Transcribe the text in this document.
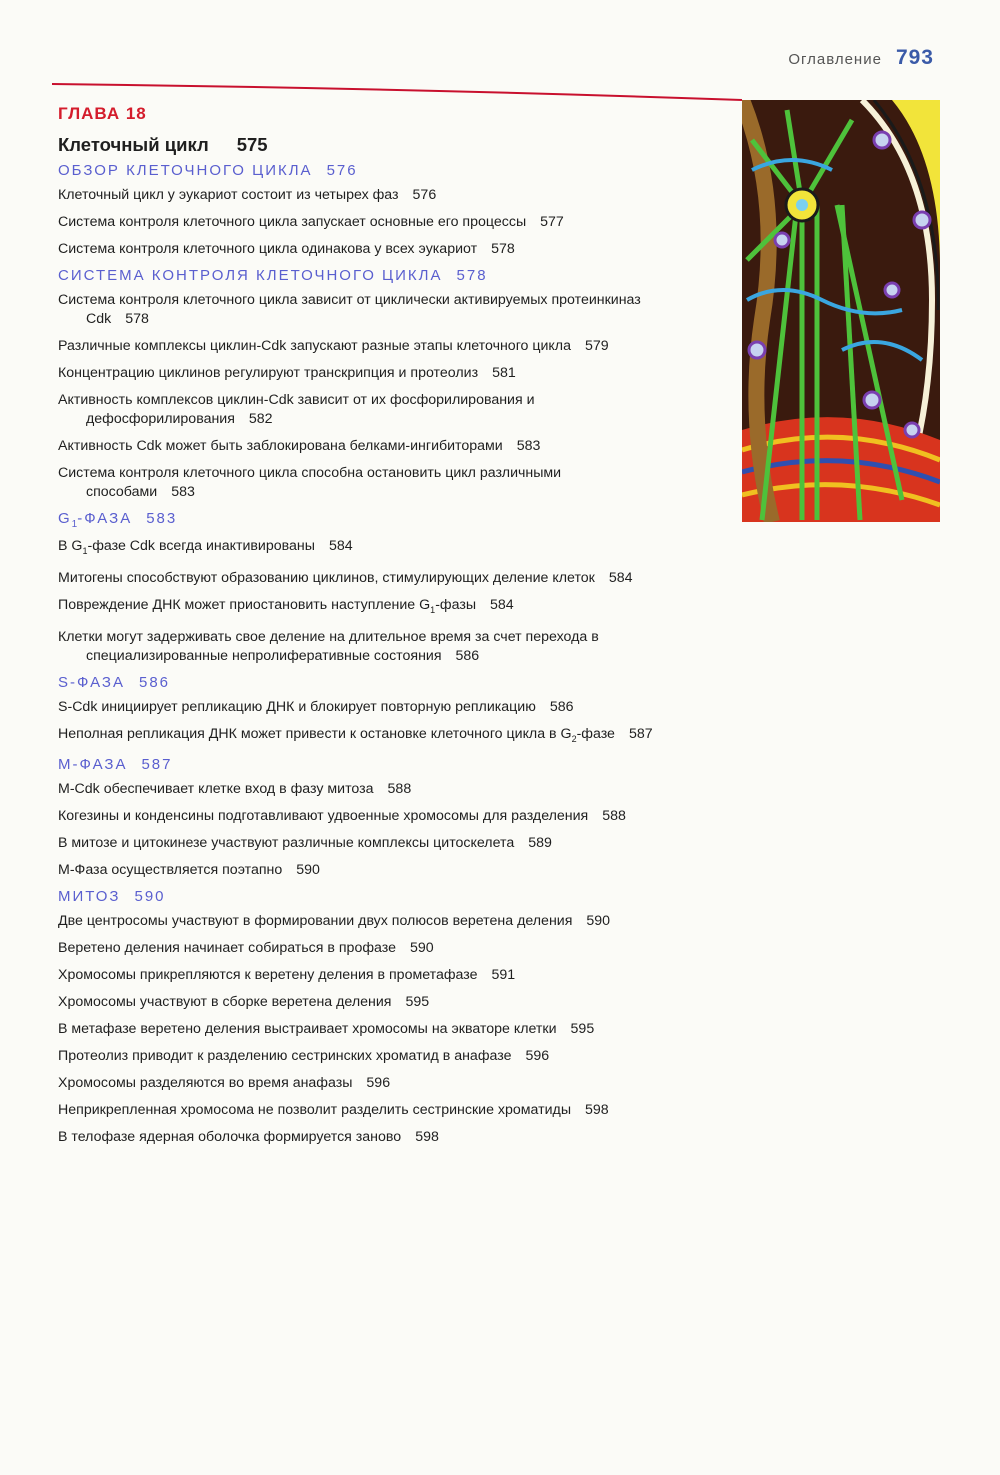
Оглавление 793
ГЛАВА 18
Клеточный цикл 575
ОБЗОР КЛЕТОЧНОГО ЦИКЛА 576
Клеточный цикл у эукариот состоит из четырех фаз 576
Система контроля клеточного цикла запускает основные его процессы 577
Система контроля клеточного цикла одинакова у всех эукариот 578
СИСТЕМА КОНТРОЛЯ КЛЕТОЧНОГО ЦИКЛА 578
Система контроля клеточного цикла зависит от циклически активируемых протеинкиназ Cdk 578
Различные комплексы циклин-Cdk запускают разные этапы клеточного цикла 579
Концентрацию циклинов регулируют транскрипция и протеолиз 581
Активность комплексов циклин-Cdk зависит от их фосфорилирования и дефосфорилирования 582
Активность Cdk может быть заблокирована белками-ингибиторами 583
Система контроля клеточного цикла способна остановить цикл различными способами 583
$G_1$-ФАЗА 583
В $G_1$-фазе Cdk всегда инактивированы 584
Митогены способствуют образованию циклинов, стимулирующих деление клеток 584
Повреждение ДНК может приостановить наступление $G_1$-фазы 584
Клетки могут задерживать свое деление на длительное время за счет перехода в специализированные непролиферативные состояния 586
S-ФАЗА 586
S-Cdk инициирует репликацию ДНК и блокирует повторную репликацию 586
Неполная репликация ДНК может привести к остановке клеточного цикла в $G_2$-фазе 587
М-ФАЗА 587
M-Cdk обеспечивает клетке вход в фазу митоза 588
Когезины и конденсины подготавливают удвоенные хромосомы для разделения 588
В митозе и цитокинезе участвуют различные комплексы цитоскелета 589
М-Фаза осуществляется поэтапно 590
МИТОЗ 590
Две центросомы участвуют в формировании двух полюсов веретена деления 590
Веретено деления начинает собираться в профазе 590
Хромосомы прикрепляются к веретену деления в прометафазе 591
Хромосомы участвуют в сборке веретена деления 595
В метафазе веретено деления выстраивает хромосомы на экваторе клетки 595
Протеолиз приводит к разделению сестринских хроматид в анафазе 596
Хромосомы разделяются во время анафазы 596
Неприкрепленная хромосома не позволит разделить сестринские хроматиды 598
В телофазе ядерная оболочка формируется заново 598
